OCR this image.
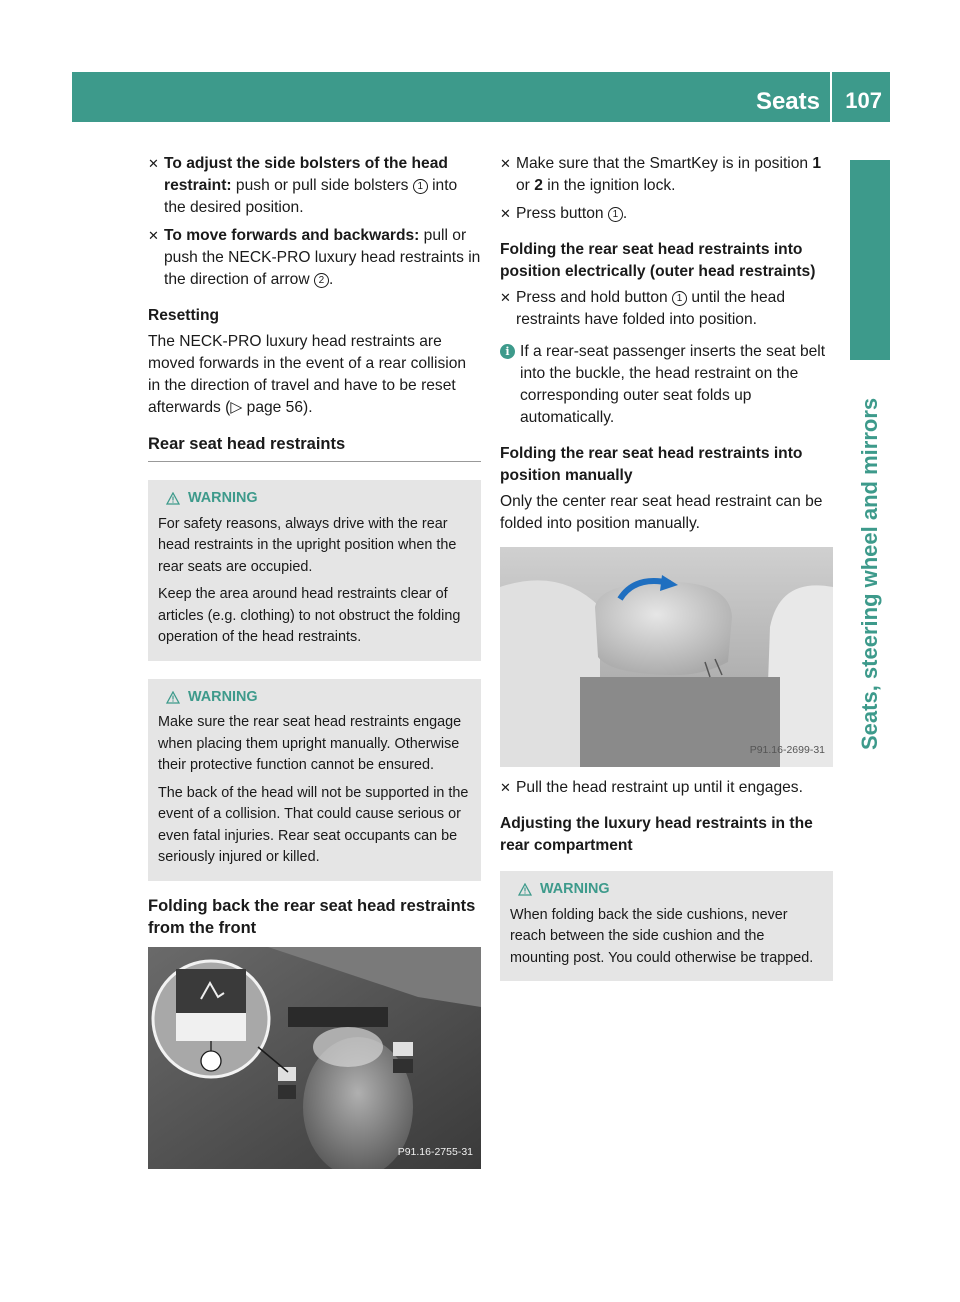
Seats 107
Seats, steering wheel and mirrors
✕ To adjust the side bolsters of the head restraint: push or pull side bolsters 1 into the desired position.
✕ To move forwards and backwards: pull or push the NECK-PRO luxury head restraints in the direction of arrow 2 .
Resetting

The NECK-PRO luxury head restraints are moved forwards in the event of a rear collision in the direction of travel and have to be reset afterwards (▷ page 56).

Rear seat head restraints
WARNING

For safety reasons, always drive with the rear head restraints in the upright position when the rear seats are occupied.

Keep the area around head restraints clear of articles (e.g. clothing) to not obstruct the folding operation of the head restraints.

WARNING

Make sure the rear seat head restraints engage when placing them upright manually. Otherwise their protective function cannot be ensured.

The back of the head will not be supported in the event of a collision. That could cause serious or even fatal injuries. Rear seat occupants can be seriously injured or killed.

Folding back the rear seat head restraints from the front
P91.16-2755-31
✕ Make sure that the SmartKey is in position 1 or 2 in the ignition lock.
✕ Press button 1 .
Folding the rear seat head restraints into position electrically (outer head restraints)
✕ Press and hold button 1 until the head restraints have folded into position.
i If a rear-seat passenger inserts the seat belt into the buckle, the head restraint on the corresponding outer seat folds up automatically.
Folding the rear seat head restraints into position manually

Only the center rear seat head restraint can be folded into position manually.

P91.16-2699-31
✕ Pull the head restraint up until it engages.
Adjusting the luxury head restraints in the rear compartment
WARNING

When folding back the side cushions, never reach between the side cushion and the mounting post. You could otherwise be trapped.
